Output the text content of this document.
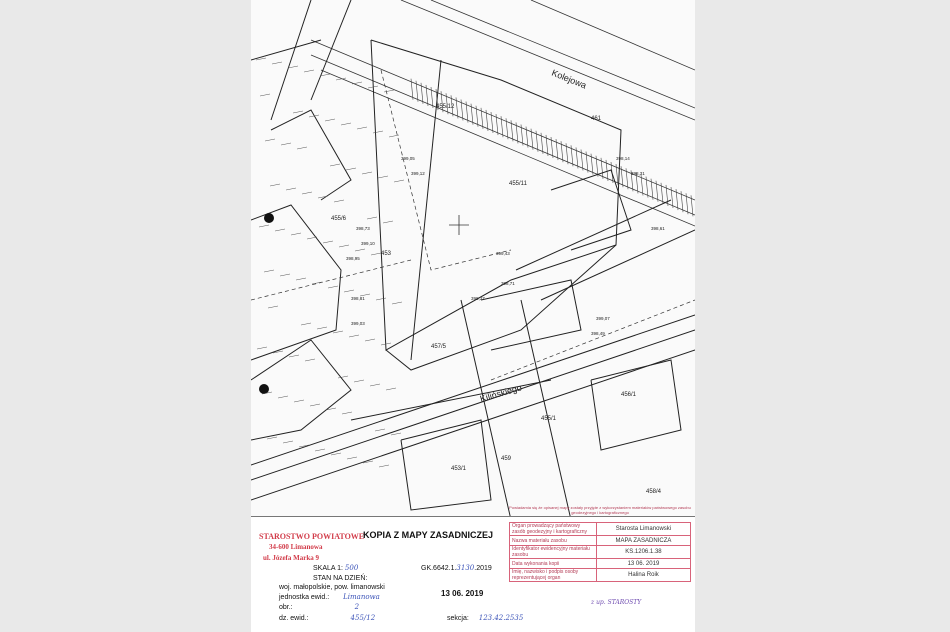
Kolejowa
Kilińskiego
455/12
455/11
455/1
457/5
458/4
456/1
453
459
461
453/1
455/6
399,05
399,12
398,73
399,10
398,95
398,81
399,03
398,71
399,43
398,37
398,14
398,31
398,61
399,07
398,49
STAROSTWO POWIATOWE
34-600 Limanowa
ul. Józefa Marka 9
KOPIA Z MAPY ZASADNICZEJ
SKALA 1: 500	GK.6642.1.3130.2019
STAN NA DZIEŃ:
woj. małopolskie, pow. limanowski
jednostka ewid.: Limanowa	13 06. 2019
obr.:	2
dz. ewid.:	455/12	sekcja: 123.42.2535
Powiadamia się że opisanej mapy zostały przyjęte z wykorzystaniem materiałów państwowego zasobu geodezyjnego i kartograficznego
Organ prowadzący państwowy zasób geodezyjny i kartograficzny	Starosta Limanowski
Nazwa materiału zasobu	MAPA ZASADNICZA
Identyfikator ewidencyjny materiału zasobu	KS.1206.1.38
Data wykonania kopii	13 06. 2019
Imię, nazwisko i podpis osoby reprezentującej organ	Halina Roik
z up. STAROSTY
